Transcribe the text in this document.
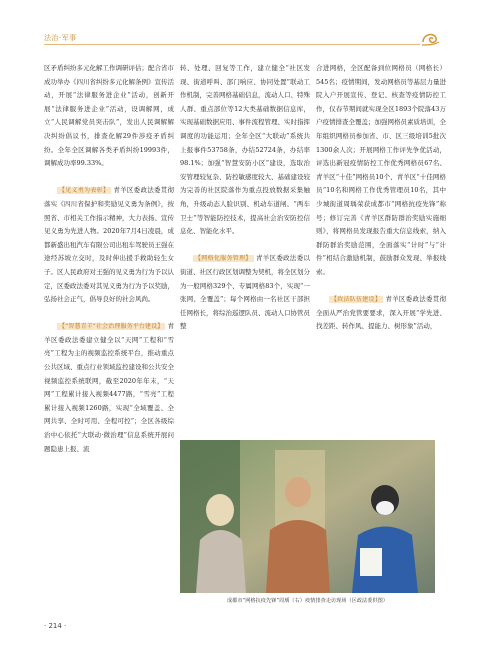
法治·军事

区矛盾纠纷多元化解工作调研评估；配合省市成功举办《四川省纠纷多元化解条例》宣传活动，开展“法律服务进企业”活动，创新开展“法律服务进企业”活动，设调解网，成立“人民调解党员突击队”，发出人民调解解决纠纷倡议书，排查化解29件涉疫矛盾纠纷。全年全区调解各类矛盾纠纷19993件，调解成功率99.33%。

【见义勇为表彰】 青羊区委政法委贯彻落实《四川省保护和奖励见义勇为条例》，按照省、市相关工作指示精神，大力表扬、宣传见义勇为先进人物。2020年7月4日凌晨，成都新盛出租汽车有限公司出租车驾驶员王强在途经苏坡立交时，及时伸出援手救助轻生女子。区人民政府对王强的见义勇为行为予以认定，区委政法委对其见义勇为行为予以奖励，弘扬社会正气，倡导良好的社会风尚。

【“智慧青羊”社会治理服务平台建设】 青羊区委政法委建立健全以“天网”工程和“雪亮”工程为主的视频监控系统平台，推动重点公共区域、重点行业领域监控建设和公共安全视频监控系统联网，截至2020年年末，“天网”工程累计接入视频4477路，“雪亮”工程累计接入视频1260路，实现“全域覆盖、全网共享、全时可用、全程可控”；全区各级综治中心依托“大联动·微治理”信息系统开展问题隐患上报、流

转、处理、回复等工作，建立健全“社区发现、街道呼叫、部门响应、协同处置”联动工作机制，完善网格基础信息，流动人口、特殊人群、重点部位等12大类基础数据信息库，实现基础数据应用、事件流程管理、实时指挥调度的功能运用；全年全区“大联动”系统共上报事件53758条，办结52724条，办结率98.1%；加强“智慧安防小区”建设，选取治安管理较复杂、防控敏感度较大、基础建设较为完善的社区院落作为重点投放数据采集触角，升级动态人脸识别、机动车道闸、“两车卫士”等智能防控技术，提高社会治安防控信息化、智能化水平。

【网格化服务管理】 青羊区委政法委以街道、社区行政区划调整为契机，将全区划分为一般网格329个、专属网格83个，实现“一张网、全覆盖”；每个网格由一名社区干部担任网格长，将综治巡逻队员、流动人口协管员整

合进网格，全区配备到位网格员（网格长）545名；疫情期间，发动网格员等基层力量进院入户开展宣传、登记、核查等疫情防控工作，仅春节期间就实现全区1893个院落43万户疫情排查全覆盖；加强网格员素质培训，全年组织网格员参加省、市、区三级培训5批次1300余人次；开展网格工作评先争优活动，评选出新冠疫情防控工作优秀网格员67名、青羊区“十佳”网格员10个、青羊区“十佳网格员”10名和网格工作优秀管理员10名，其中少城街道周瑀荣获成都市“网格抗疫先锋”称号；修订完善《青羊区群防群治奖励实施细则》，将网格员发现报告重大信息线索，纳入群防群治奖励范围，全面落实“计时”与“计件”相结合激励机制，鼓励群众发现、举报线索。

【政法队伍建设】 青羊区委政法委贯彻全面从严治党管要要求，深入开展“学先进、找差距、转作风、提能力、树形象”活动，

成都市“网格抗疫先锋”周瑀（右）疫情排查走访现场（区政法委供图）
· 214 ·
